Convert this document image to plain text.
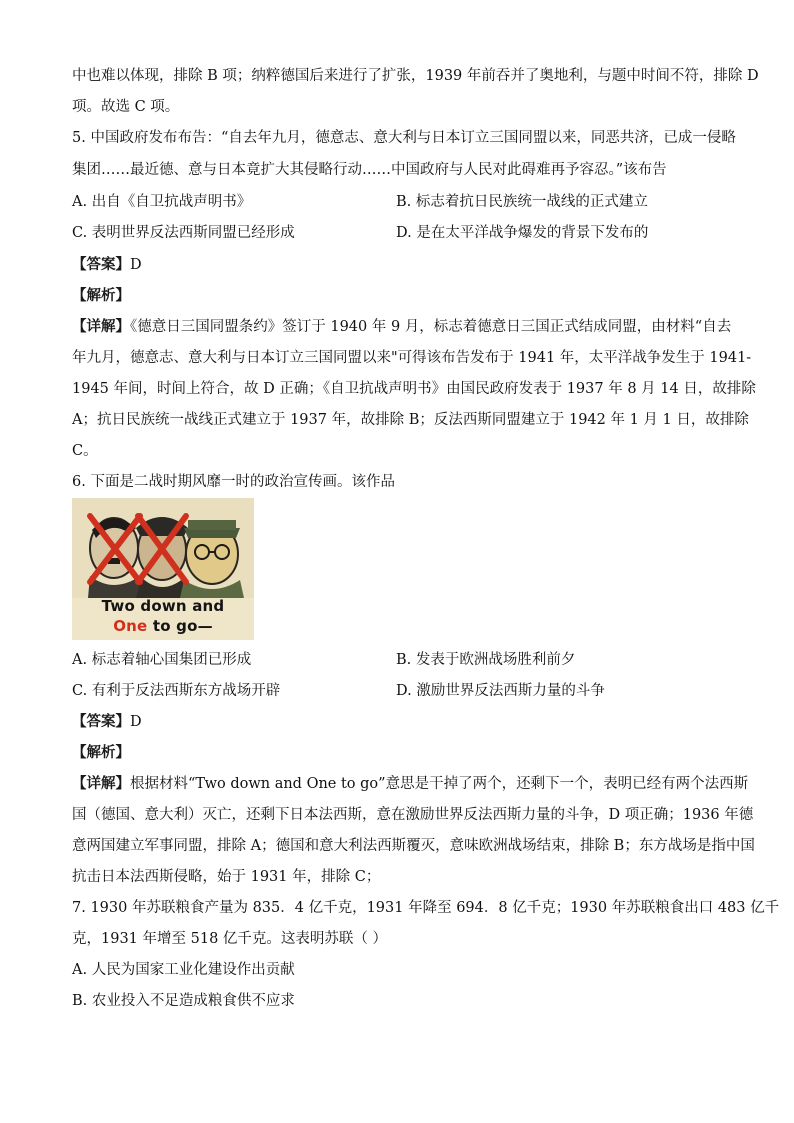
中也难以体现，排除 B 项；纳粹德国后来进行了扩张，1939 年前吞并了奥地利，与题中时间不符，排除 D
项。故选 C 项。
5. 中国政府发布布告：“自去年九月，德意志、意大利与日本订立三国同盟以来，同恶共济，已成一侵略
集团……最近德、意与日本竟扩大其侵略行动……中国政府与人民对此碍难再予容忍。”该布告
A. 出自《自卫抗战声明书》	B. 标志着抗日民族统一战线的正式建立
C. 表明世界反法西斯同盟已经形成	D. 是在太平洋战争爆发的背景下发布的
【答案】D
【解析】
【详解】《德意日三国同盟条约》签订于 1940 年 9 月，标志着德意日三国正式结成同盟，由材料“自去
年九月，德意志、意大利与日本订立三国同盟以来"可得该布告发布于 1941 年，太平洋战争发生于 1941-
1945 年间，时间上符合，故 D 正确；《自卫抗战声明书》由国民政府发表于 1937 年 8 月 14 日，故排除
A；抗日民族统一战线正式建立于 1937 年，故排除 B；反法西斯同盟建立于 1942 年 1 月 1 日，故排除
C。
6. 下面是二战时期风靡一时的政治宣传画。该作品
Two down and
One to go—
A. 标志着轴心国集团已形成	B. 发表于欧洲战场胜利前夕
C. 有利于反法西斯东方战场开辟	D. 激励世界反法西斯力量的斗争
【答案】D
【解析】
【详解】根据材料“Two down and One to go”意思是干掉了两个，还剩下一个，表明已经有两个法西斯
国（德国、意大利）灭亡，还剩下日本法西斯，意在激励世界反法西斯力量的斗争，D 项正确；1936 年德
意两国建立军事同盟，排除 A；德国和意大利法西斯覆灭，意味欧洲战场结束，排除 B；东方战场是指中国
抗击日本法西斯侵略，始于 1931 年，排除 C；
7. 1930 年苏联粮食产量为 835．4 亿千克，1931 年降至 694．8 亿千克；1930 年苏联粮食出口 483 亿千
克，1931 年增至 518 亿千克。这表明苏联（ ）
A. 人民为国家工业化建设作出贡献
B. 农业投入不足造成粮食供不应求
